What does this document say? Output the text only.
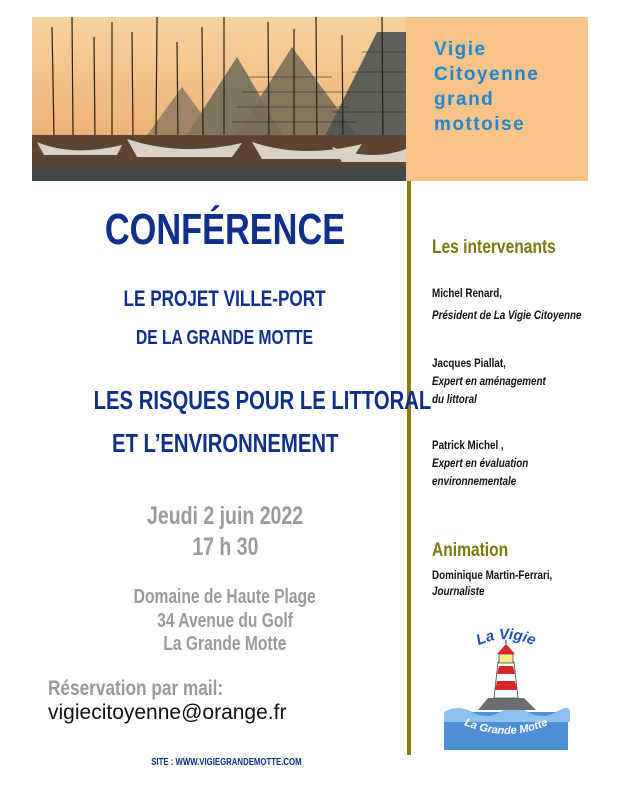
Vigie
Citoyenne
grand
mottoise
CONFÉRENCE
LE PROJET VILLE-PORT
DE LA GRANDE MOTTE
LES RISQUES POUR LE LITTORAL
ET L’ENVIRONNEMENT
Jeudi 2 juin 2022
17 h 30
Domaine de Haute Plage
34 Avenue du Golf
La Grande Motte
Réservation par mail:
vigiecitoyenne@orange.fr
SITE : WWW.VIGIEGRANDEMOTTE.COM
Les intervenants
Michel Renard,
Président de La Vigie Citoyenne
Jacques Piallat,
Expert en aménagement
du littoral
Patrick Michel ,
Expert en évaluation
environnementale
Animation
Dominique Martin-Ferrari,
Journaliste
La Vigie
La Grande Motte
